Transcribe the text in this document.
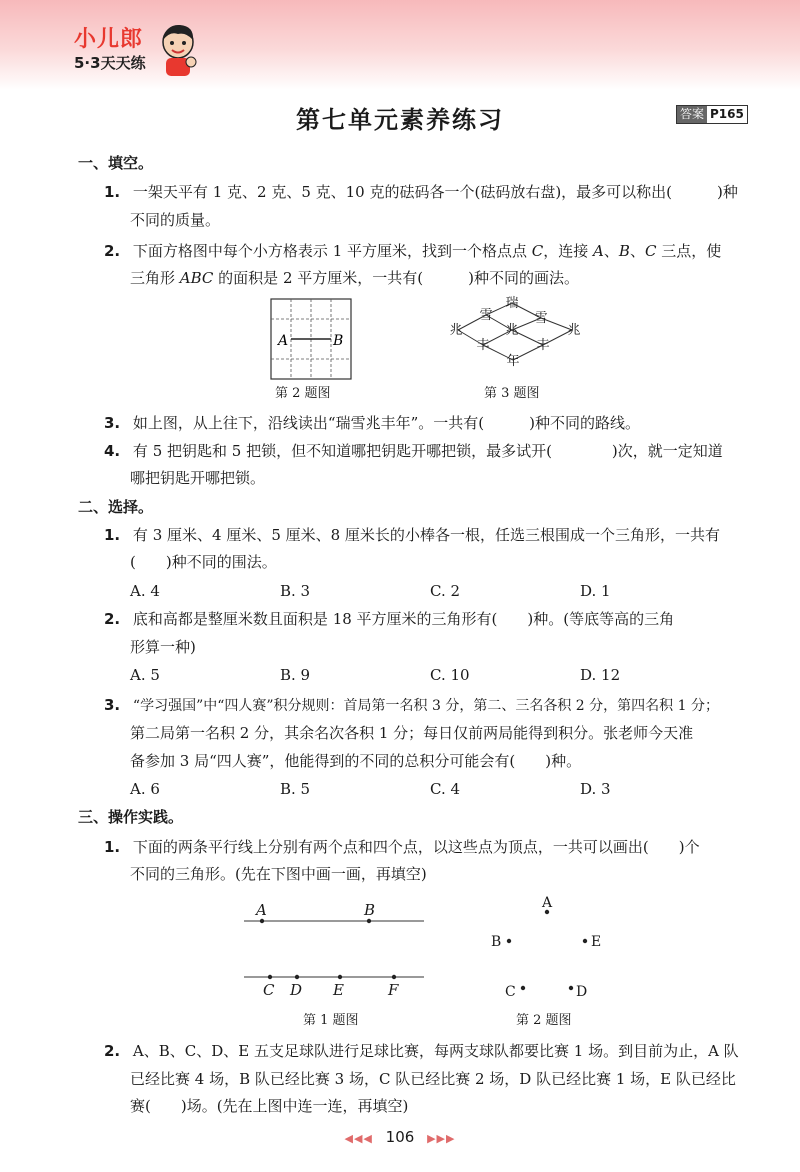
小儿郎
5·3天天练
第七单元素养练习	答案 P165
一、填空。
1. 一架天平有 1 克、2 克、5 克、10 克的砝码各一个(砝码放右盘)，最多可以称出(　　　)种
不同的质量。
2. 下面方格图中每个小方格表示 1 平方厘米，找到一个格点点 C，连接 A、B、C 三点，使
三角形 ABC 的面积是 2 平方厘米，一共有(　　　)种不同的画法。
A	B
第 2 题图
瑞
雪	雪
兆	兆	兆
丰	丰
年
第 3 题图
3. 如上图，从上往下，沿线读出“瑞雪兆丰年”。一共有(　　　)种不同的路线。
4. 有 5 把钥匙和 5 把锁，但不知道哪把钥匙开哪把锁，最多试开(　　　　)次，就一定知道
哪把钥匙开哪把锁。
二、选择。
1. 有 3 厘米、4 厘米、5 厘米、8 厘米长的小棒各一根，任选三根围成一个三角形，一共有
(　　)种不同的围法。
A. 4	B. 3	C. 2	D. 1
2. 底和高都是整厘米数且面积是 18 平方厘米的三角形有(　　)种。(等底等高的三角
形算一种)
A. 5	B. 9	C. 10	D. 12
3. “学习强国”中“四人赛”积分规则：首局第一名积 3 分，第二、三名各积 2 分，第四名积 1 分；
第二局第一名积 2 分，其余名次各积 1 分；每日仅前两局能得到积分。张老师今天准
备参加 3 局“四人赛”，他能得到的不同的总积分可能会有(　　)种。
A. 6	B. 5	C. 4	D. 3
三、操作实践。
1. 下面的两条平行线上分别有两个点和四个点，以这些点为顶点，一共可以画出(　　)个
不同的三角形。(先在下图中画一画，再填空)
A	B
C D E	F
第 1 题图
A
B	E
C	D
第 2 题图
2. A、B、C、D、E 五支足球队进行足球比赛，每两支球队都要比赛 1 场。到目前为止，A 队
已经比赛 4 场，B 队已经比赛 3 场，C 队已经比赛 2 场，D 队已经比赛 1 场，E 队已经比
赛(　　)场。(先在上图中连一连，再填空)
◀◀◀ 106 ▶▶▶
